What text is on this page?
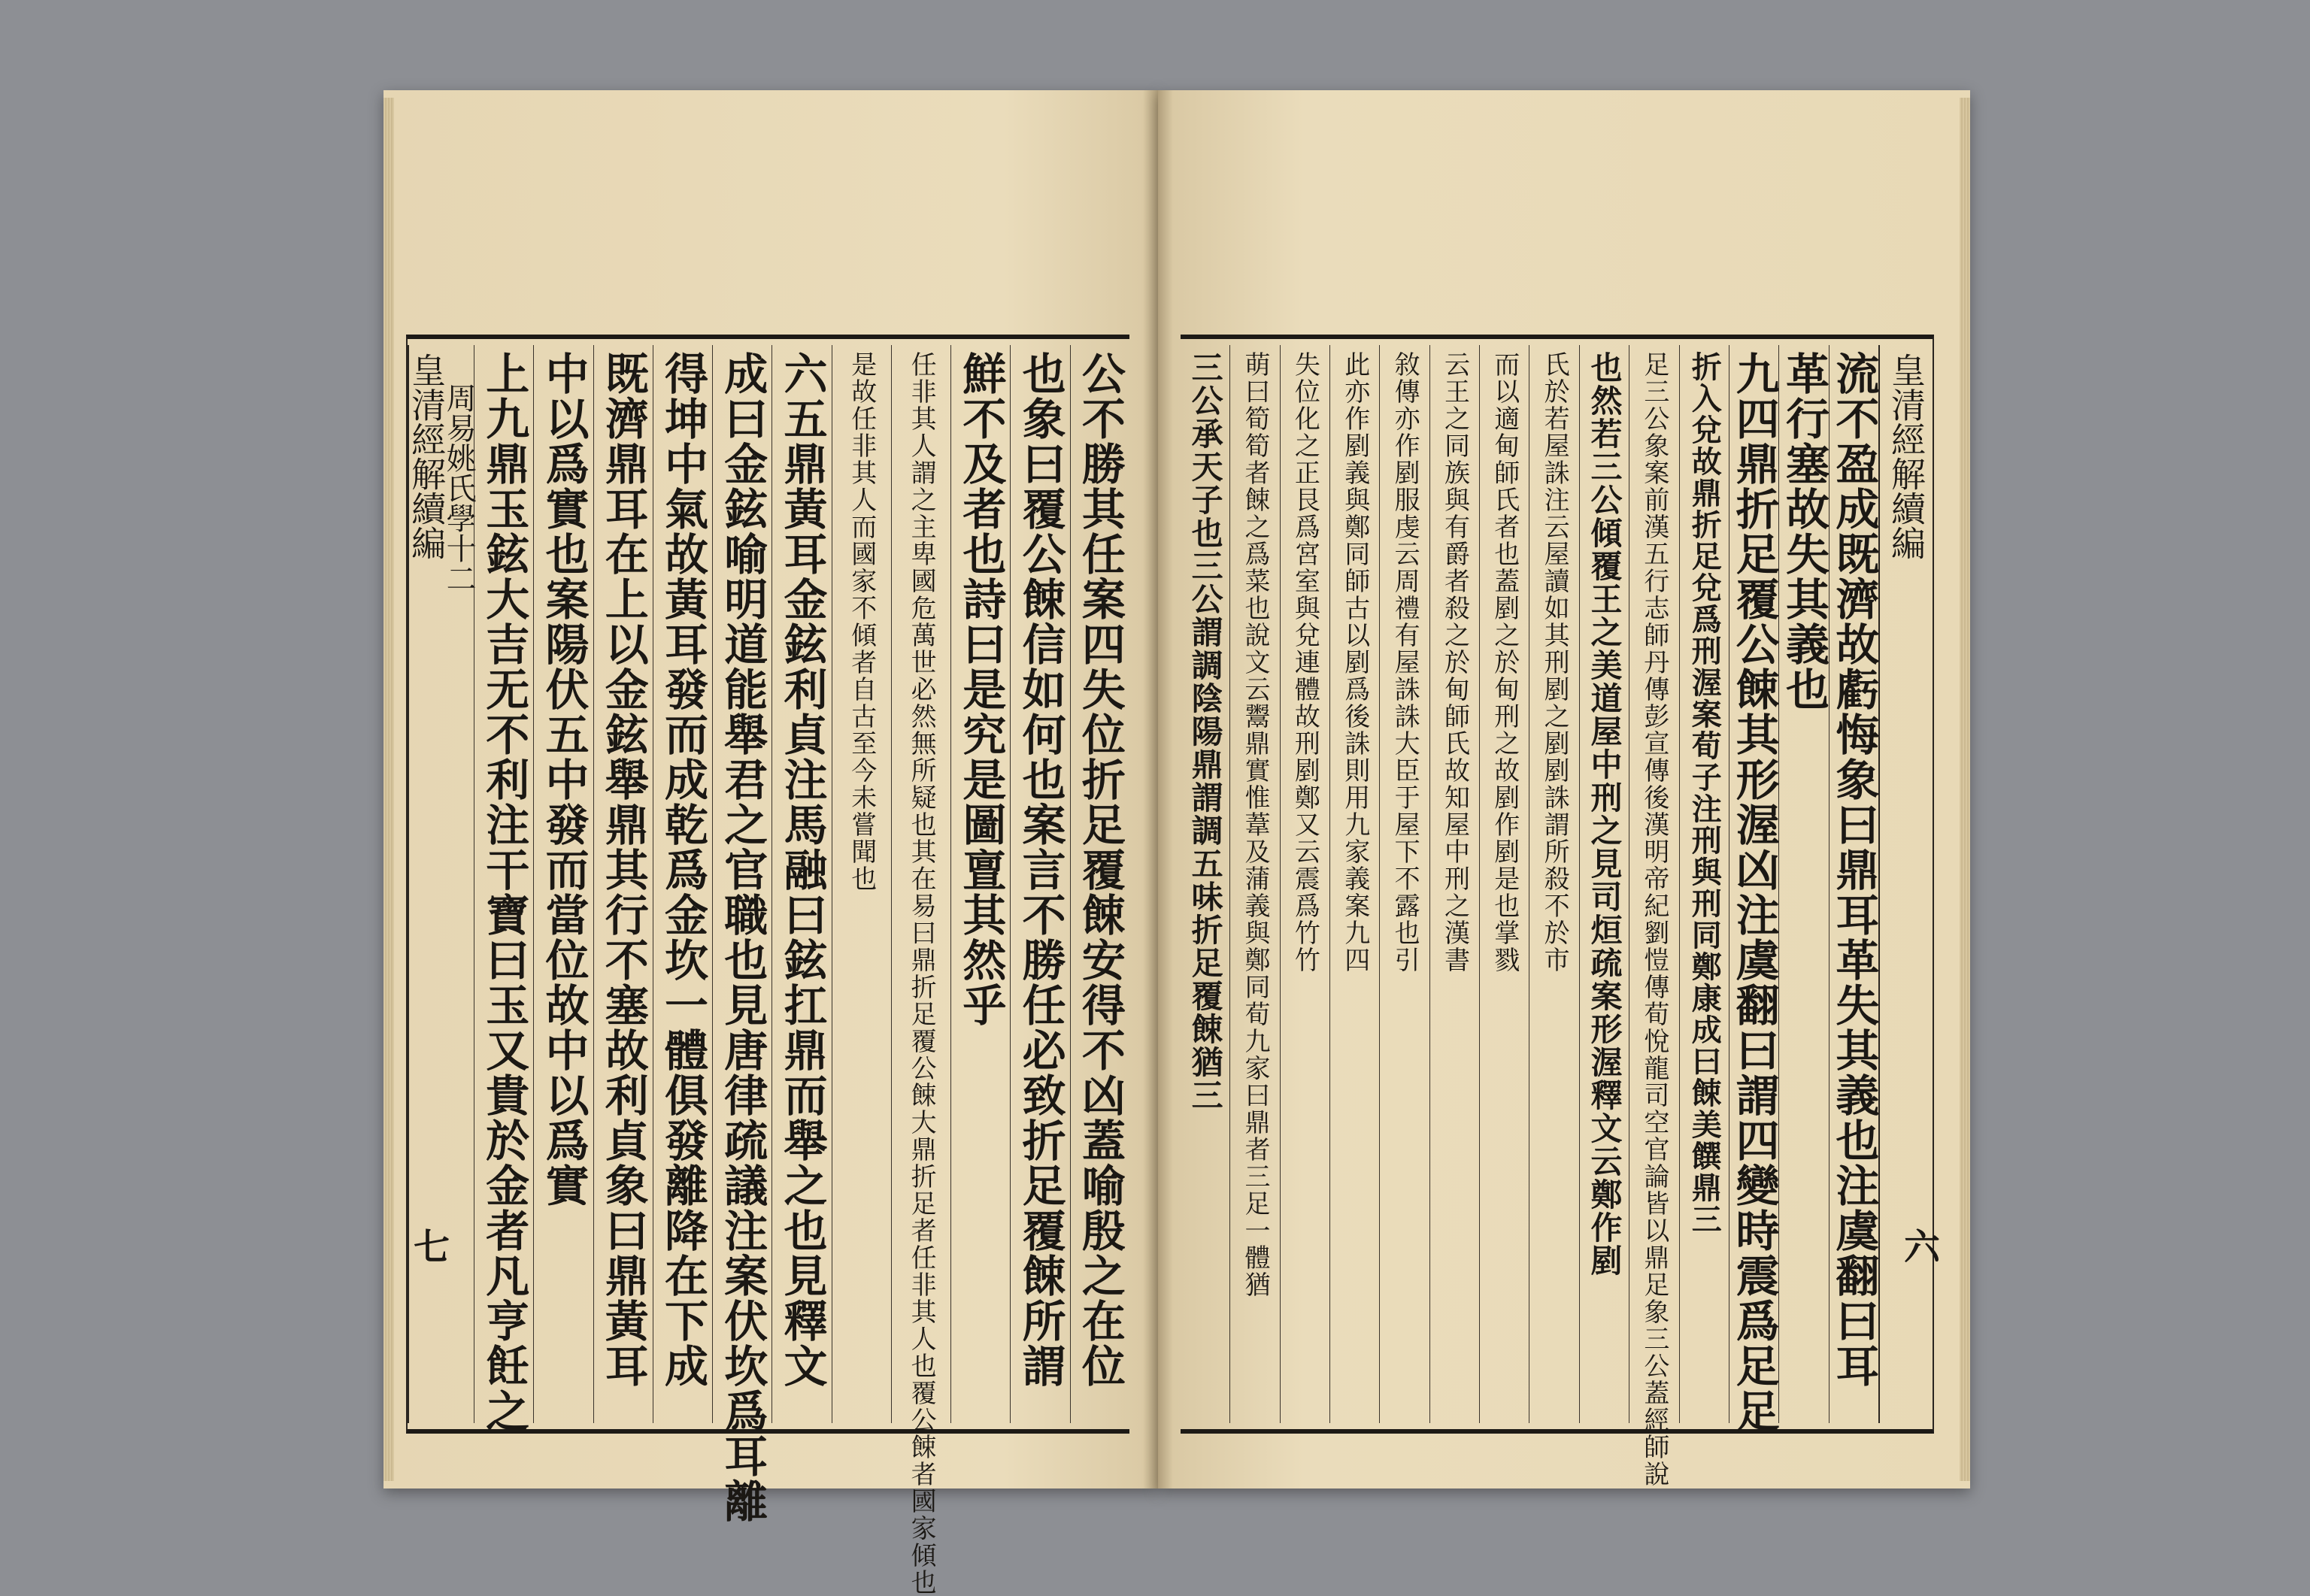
公不勝其任案四失位折足覆餗安得不凶蓋喻殷之在位
也象曰覆公餗信如何也案言不勝任必致折足覆餗所謂
鮮不及者也詩曰是究是圖亶其然乎
任非其人謂之主卑國危萬世必然無所疑也其在易曰鼎折足覆公餗大鼎折足者任非其人也覆公餗者國家傾也
是故任非其人而國家不傾者自古至今未嘗聞也
六五鼎黃耳金鉉利貞注馬融曰鉉扛鼎而舉之也見釋文
成曰金鉉喻明道能舉君之官職也見唐律疏議注案伏坎爲耳離
得坤中氣故黃耳發而成乾爲金坎一體俱發離降在下成
既濟鼎耳在上以金鉉舉鼎其行不塞故利貞象曰鼎黃耳
中以爲實也案陽伏五中發而當位故中以爲實
上九鼎玉鉉大吉无不利注干寶曰玉又貴於金者凡亨飪之
皇清經解續編
周易姚氏學十二
七
皇清經解續編
流不盈成既濟故虧悔象曰鼎耳革失其義也注虞翻曰耳
革行塞故失其義也
九四鼎折足覆公餗其形渥凶注虞翻曰謂四變時震爲足足
折入兌故鼎折足兌爲刑渥案荀子注刑與刑同鄭康成曰餗美饌鼎三
足三公象案前漢五行志師丹傳彭宣傳後漢明帝紀劉愷傳荀悅龍司空官論皆以鼎足象三公蓋經師說
也然若三公傾覆王之美道屋中刑之見司烜疏案形渥釋文云鄭作剭
氏於若屋誅注云屋讀如其刑剭之剭剭誅謂所殺不於市
而以適甸師氏者也蓋剭之於甸刑之故剭作剭是也掌戮
云王之同族與有爵者殺之於甸師氏故知屋中刑之漢書
敘傳亦作剭服虔云周禮有屋誅誅大臣于屋下不露也引
此亦作剭義與鄭同師古以剭爲後誅則用九家義案九四
失位化之正艮爲宮室與兌連體故刑剭鄭又云震爲竹竹
萌曰筍筍者餗之爲菜也說文云鬻鼎實惟葦及蒲義與鄭同荀九家曰鼎者三足一體猶
三公承天子也三公謂調陰陽鼎謂調五味折足覆餗猶三
六
